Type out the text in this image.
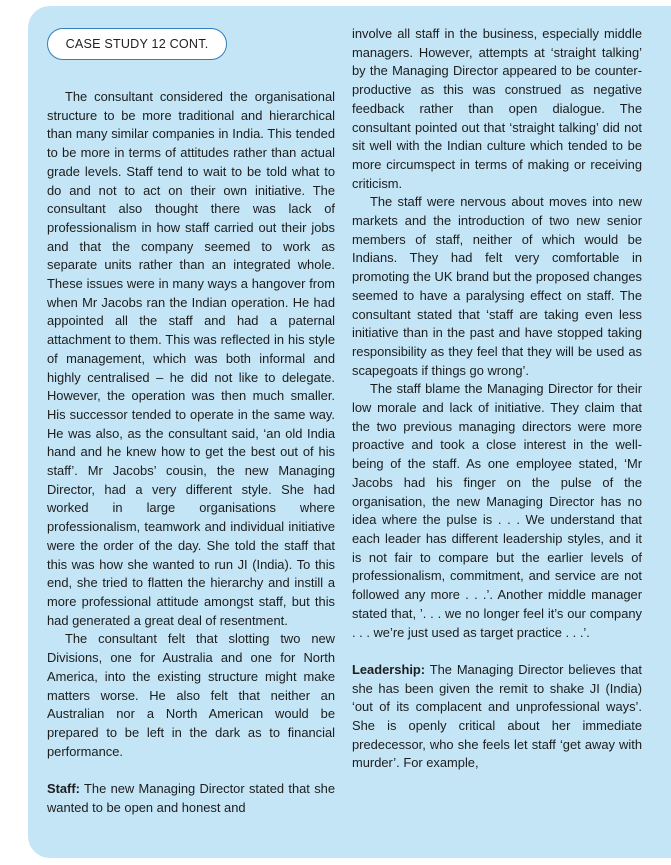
CASE STUDY 12 CONT.

The consultant considered the organisational structure to be more traditional and hierarchical than many similar companies in India. This tended to be more in terms of attitudes rather than actual grade levels. Staff tend to wait to be told what to do and not to act on their own initiative. The consultant also thought there was lack of professionalism in how staff carried out their jobs and that the company seemed to work as separate units rather than an integrated whole. These issues were in many ways a hangover from when Mr Jacobs ran the Indian operation. He had appointed all the staff and had a paternal attachment to them. This was reflected in his style of management, which was both informal and highly centralised – he did not like to delegate. However, the operation was then much smaller. His successor tended to operate in the same way. He was also, as the consultant said, ‘an old India hand and he knew how to get the best out of his staff’. Mr Jacobs’ cousin, the new Managing Director, had a very different style. She had worked in large organisations where professionalism, teamwork and individual initiative were the order of the day. She told the staff that this was how she wanted to run JI (India). To this end, she tried to flatten the hierarchy and instill a more professional attitude amongst staff, but this had generated a great deal of resentment.

The consultant felt that slotting two new Divisions, one for Australia and one for North America, into the existing structure might make matters worse. He also felt that neither an Australian nor a North American would be prepared to be left in the dark as to financial performance.

Staff: The new Managing Director stated that she wanted to be open and honest and

involve all staff in the business, especially middle managers. However, attempts at ‘straight talking’ by the Managing Director appeared to be counter-productive as this was construed as negative feedback rather than open dialogue. The consultant pointed out that ‘straight talking’ did not sit well with the Indian culture which tended to be more circumspect in terms of making or receiving criticism.

The staff were nervous about moves into new markets and the introduction of two new senior members of staff, neither of which would be Indians. They had felt very comfortable in promoting the UK brand but the proposed changes seemed to have a paralysing effect on staff. The consultant stated that ‘staff are taking even less initiative than in the past and have stopped taking responsibility as they feel that they will be used as scapegoats if things go wrong’.

The staff blame the Managing Director for their low morale and lack of initiative. They claim that the two previous managing directors were more proactive and took a close interest in the well-being of the staff. As one employee stated, ‘Mr Jacobs had his finger on the pulse of the organisation, the new Managing Director has no idea where the pulse is . . . We understand that each leader has different leadership styles, and it is not fair to compare but the earlier levels of professionalism, commitment, and service are not followed any more . . .’. Another middle manager stated that, ’. . . we no longer feel it’s our company . . . we’re just used as target practice . . .’.

Leadership: The Managing Director believes that she has been given the remit to shake JI (India) ‘out of its complacent and unprofessional ways’. She is openly critical about her immediate predecessor, who she feels let staff ‘get away with murder’. For example,
